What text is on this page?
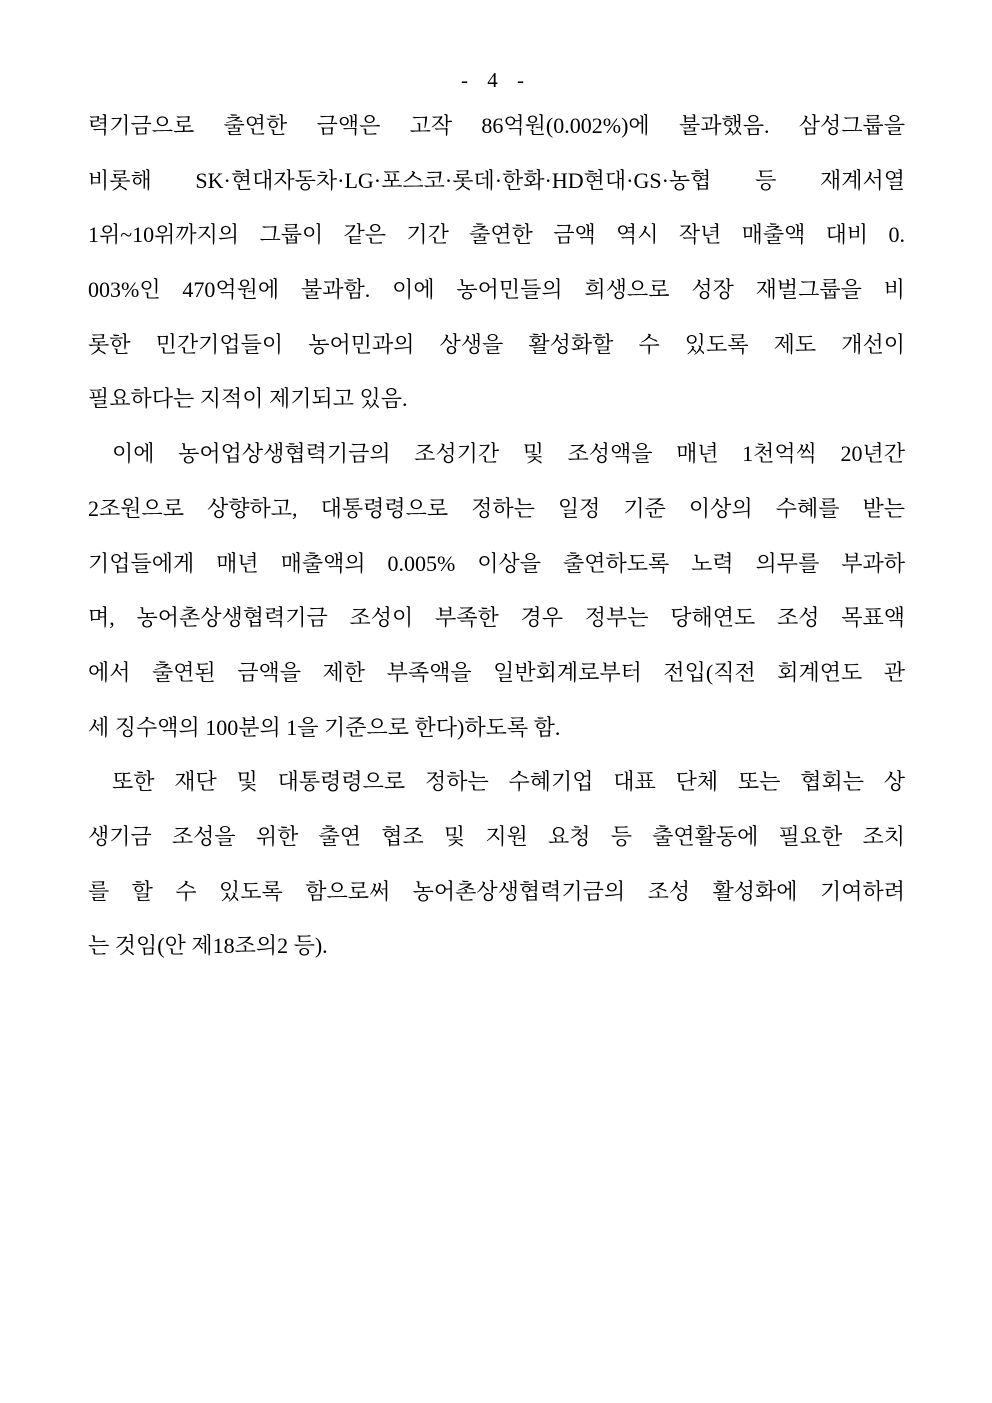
- 4 -
력기금으로 출연한 금액은 고작 86억원(0.002%)에 불과했음. 삼성그룹을
비롯해 SK·현대자동차·LG·포스코·롯데·한화·HD현대·GS·농협 등 재계서열
1위~10위까지의 그룹이 같은 기간 출연한 금액 역시 작년 매출액 대비 0.
003%인 470억원에 불과함. 이에 농어민들의 희생으로 성장 재벌그룹을 비
롯한 민간기업들이 농어민과의 상생을 활성화할 수 있도록 제도 개선이
필요하다는 지적이 제기되고 있음.
이에 농어업상생협력기금의 조성기간 및 조성액을 매년 1천억씩 20년간
2조원으로 상향하고, 대통령령으로 정하는 일정 기준 이상의 수혜를 받는
기업들에게 매년 매출액의 0.005% 이상을 출연하도록 노력 의무를 부과하
며, 농어촌상생협력기금 조성이 부족한 경우 정부는 당해연도 조성 목표액
에서 출연된 금액을 제한 부족액을 일반회계로부터 전입(직전 회계연도 관
세 징수액의 100분의 1을 기준으로 한다)하도록 함.
또한 재단 및 대통령령으로 정하는 수혜기업 대표 단체 또는 협회는 상
생기금 조성을 위한 출연 협조 및 지원 요청 등 출연활동에 필요한 조치
를 할 수 있도록 함으로써 농어촌상생협력기금의 조성 활성화에 기여하려
는 것임(안 제18조의2 등).
